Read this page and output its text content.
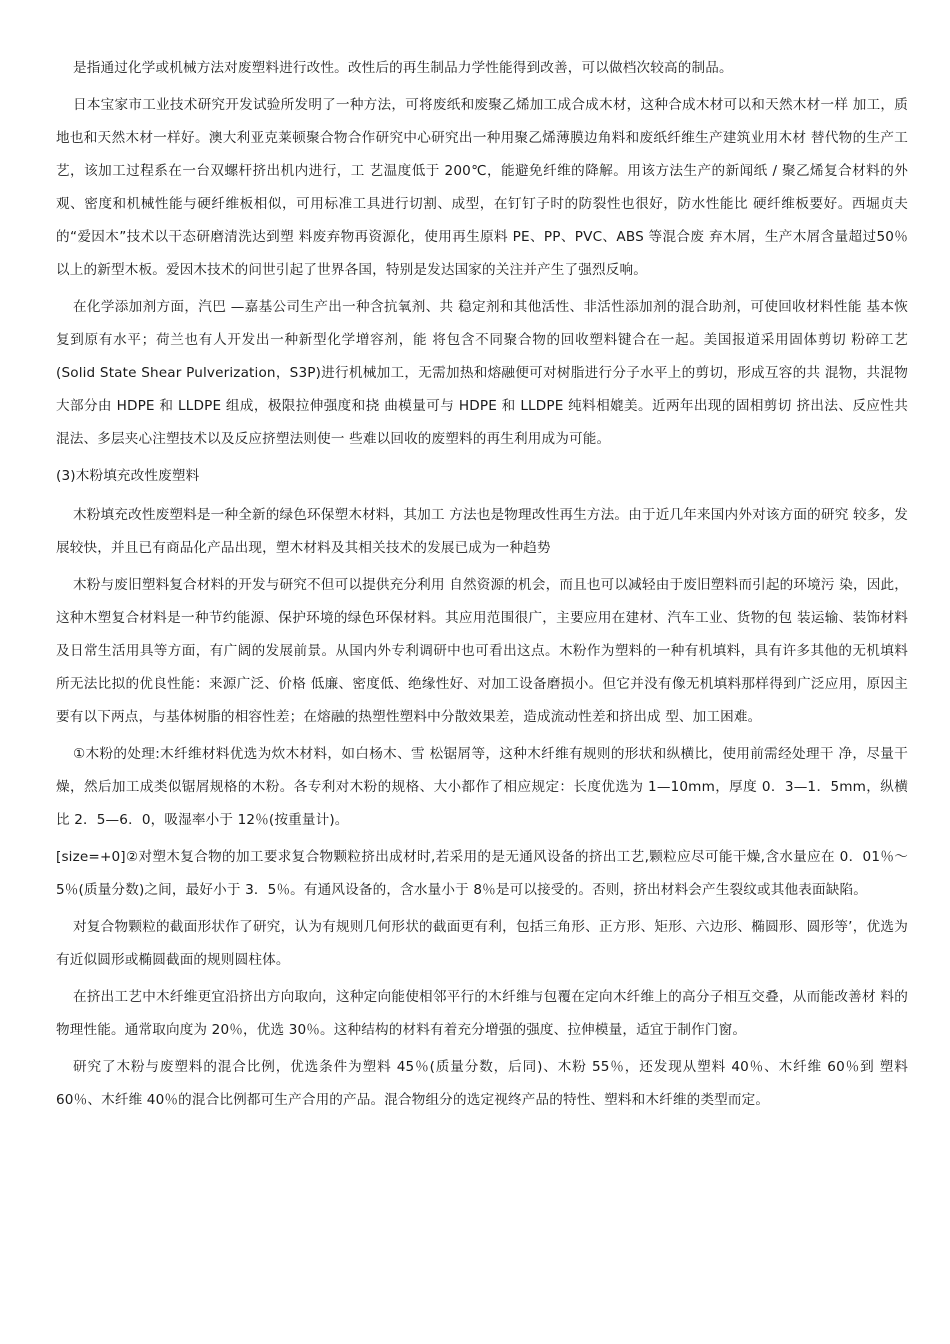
是指通过化学或机械方法对废塑料进行改性。改性后的再生制品力学性能得到改善，可以做档次较高的制品。

日本宝家市工业技术研究开发试验所发明了一种方法，可将废纸和废聚乙烯加工成合成木材，这种合成木材可以和天然木材一样 加工，质地也和天然木材一样好。澳大利亚克莱顿聚合物合作研究中心研究出一种用聚乙烯薄膜边角料和废纸纤维生产建筑业用木材 替代物的生产工艺，该加工过程系在一台双螺杆挤出机内进行，工 艺温度低于 200℃，能避免纤维的降解。用该方法生产的新闻纸 / 聚乙烯复合材料的外观、密度和机械性能与硬纤维板相似，可用标准工具进行切割、成型，在钉钉子时的防裂性也很好，防水性能比 硬纤维板要好。西堀贞夫的“爱因木”技术以干态研磨清洗达到塑 料废弃物再资源化，使用再生原料 PE、PP、PVC、ABS 等混合废 弃木屑，生产木屑含量超过50％以上的新型木板。爱因木技术的问世引起了世界各国，特别是发达国家的关注并产生了强烈反响。

在化学添加剂方面，汽巴 —嘉基公司生产出一种含抗氧剂、共 稳定剂和其他活性、非活性添加剂的混合助剂，可使回收材料性能 基本恢复到原有水平；荷兰也有人开发出一种新型化学增容剂，能 将包含不同聚合物的回收塑料键合在一起。美国报道采用固体剪切 粉碎工艺(Solid State Shear Pulverization，S3P)进行机械加工，无需加热和熔融便可对树脂进行分子水平上的剪切，形成互容的共 混物，共混物大部分由 HDPE 和 LLDPE 组成，极限拉伸强度和挠 曲模量可与 HDPE 和 LLDPE 纯料相媲美。近两年出现的固相剪切 挤出法、反应性共混法、多层夹心注塑技术以及反应挤塑法则使一 些难以回收的废塑料的再生利用成为可能。

(3)木粉填充改性废塑料

木粉填充改性废塑料是一种全新的绿色环保塑木材料，其加工 方法也是物理改性再生方法。由于近几年来国内外对该方面的研究 较多，发展较快，并且已有商品化产品出现，塑木材料及其相关技术的发展已成为一种趋势

木粉与废旧塑料复合材料的开发与研究不但可以提供充分利用 自然资源的机会，而且也可以减轻由于废旧塑料而引起的环境污 染，因此，这种木塑复合材料是一种节约能源、保护环境的绿色环保材料。其应用范围很广，主要应用在建材、汽车工业、货物的包 装运输、装饰材料及日常生活用具等方面，有广阔的发展前景。从国内外专利调研中也可看出这点。木粉作为塑料的一种有机填料，具有许多其他的无机填料所无法比拟的优良性能：来源广泛、价格 低廉、密度低、绝缘性好、对加工设备磨损小。但它并没有像无机填料那样得到广泛应用，原因主要有以下两点，与基体树脂的相容性差；在熔融的热塑性塑料中分散效果差，造成流动性差和挤出成 型、加工困难。

①木粉的处理:木纤维材料优选为炊木材料，如白杨木、雪 松锯屑等，这种木纤维有规则的形状和纵横比，使用前需经处理干 净，尽量干燥，然后加工成类似锯屑规格的木粉。各专利对木粉的规格、大小都作了相应规定：长度优选为 1—10mm，厚度 0．3—1．5mm，纵横比 2．5—6．0，吸湿率小于 12％(按重量计)。

[size=+0]②对塑木复合物的加工要求复合物颗粒挤出成材时,若采用的是无通风设备的挤出工艺,颗粒应尽可能干燥,含水量应在 0．01％～5％(质量分数)之间，最好小于 3．5％。有通风设备的，含水量小于 8％是可以接受的。否则，挤出材料会产生裂纹或其他表面缺陷。

对复合物颗粒的截面形状作了研究，认为有规则几何形状的截面更有利，包括三角形、正方形、矩形、六边形、椭圆形、圆形等’，优选为有近似圆形或椭圆截面的规则圆柱体。

在挤出工艺中木纤维更宜沿挤出方向取向，这种定向能使相邻平行的木纤维与包覆在定向木纤维上的高分子相互交叠，从而能改善材 料的物理性能。通常取向度为 20％，优选 30％。这种结构的材料有着充分增强的强度、拉伸模量，适宜于制作门窗。

研究了木粉与废塑料的混合比例，优选条件为塑料 45％(质量分数，后同)、木粉 55％，还发现从塑料 40％、木纤维 60％到 塑料 60％、木纤维 40％的混合比例都可生产合用的产品。混合物组分的选定视终产品的特性、塑料和木纤维的类型而定。
